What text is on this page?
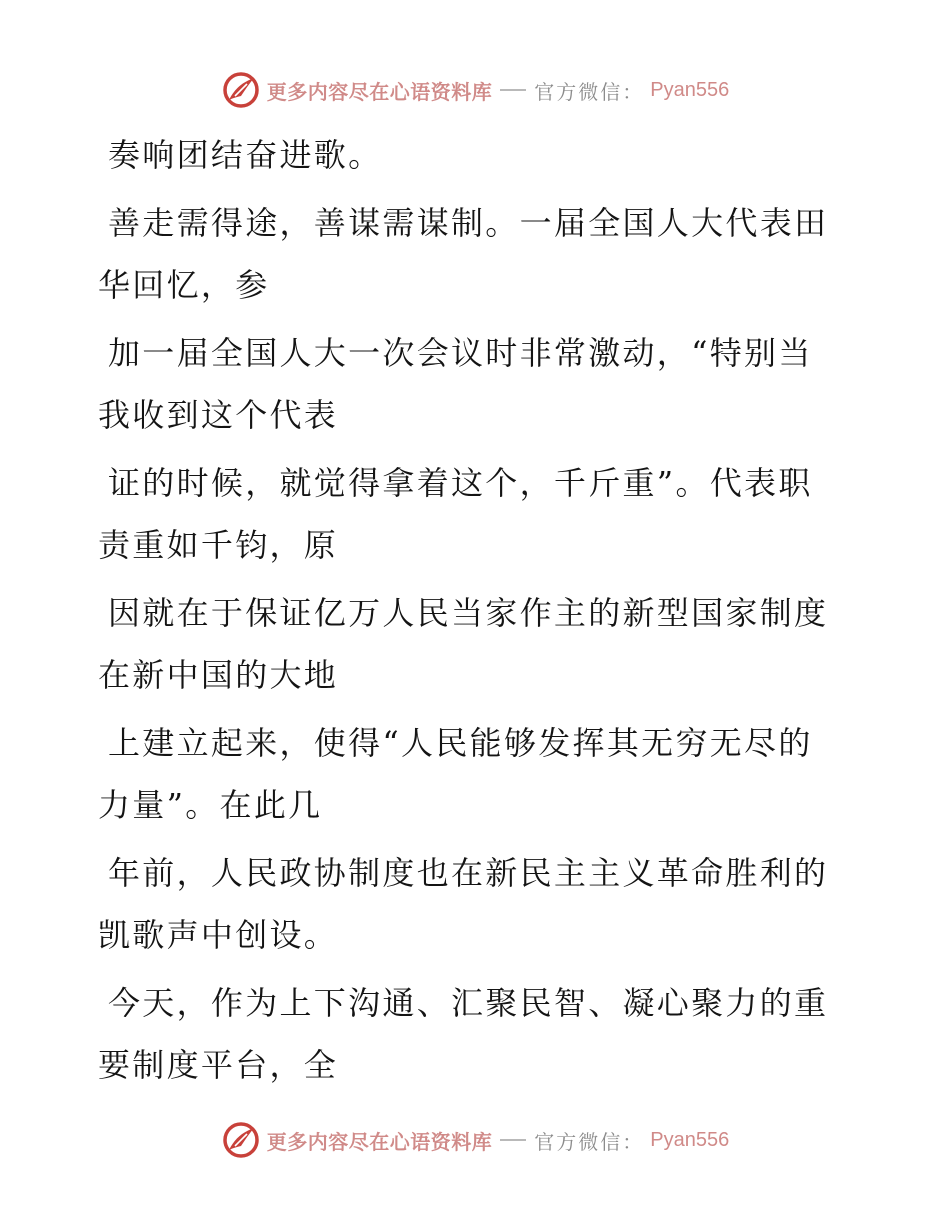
更多内容尽在心语资料库 官方微信： Pyan556

奏响团结奋进歌。

善走需得途，善谋需谋制。一届全国人大代表田
华回忆，参

加一届全国人大一次会议时非常激动，“特别当
我收到这个代表

证的时候，就觉得拿着这个，千斤重”。代表职
责重如千钧，原

因就在于保证亿万人民当家作主的新型国家制度
在新中国的大地

上建立起来，使得“人民能够发挥其无穷无尽的
力量”。在此几

年前，人民政协制度也在新民主主义革命胜利的
凯歌声中创设。

今天，作为上下沟通、汇聚民智、凝心聚力的重
要制度平台，全

更多内容尽在心语资料库 官方微信： Pyan556
